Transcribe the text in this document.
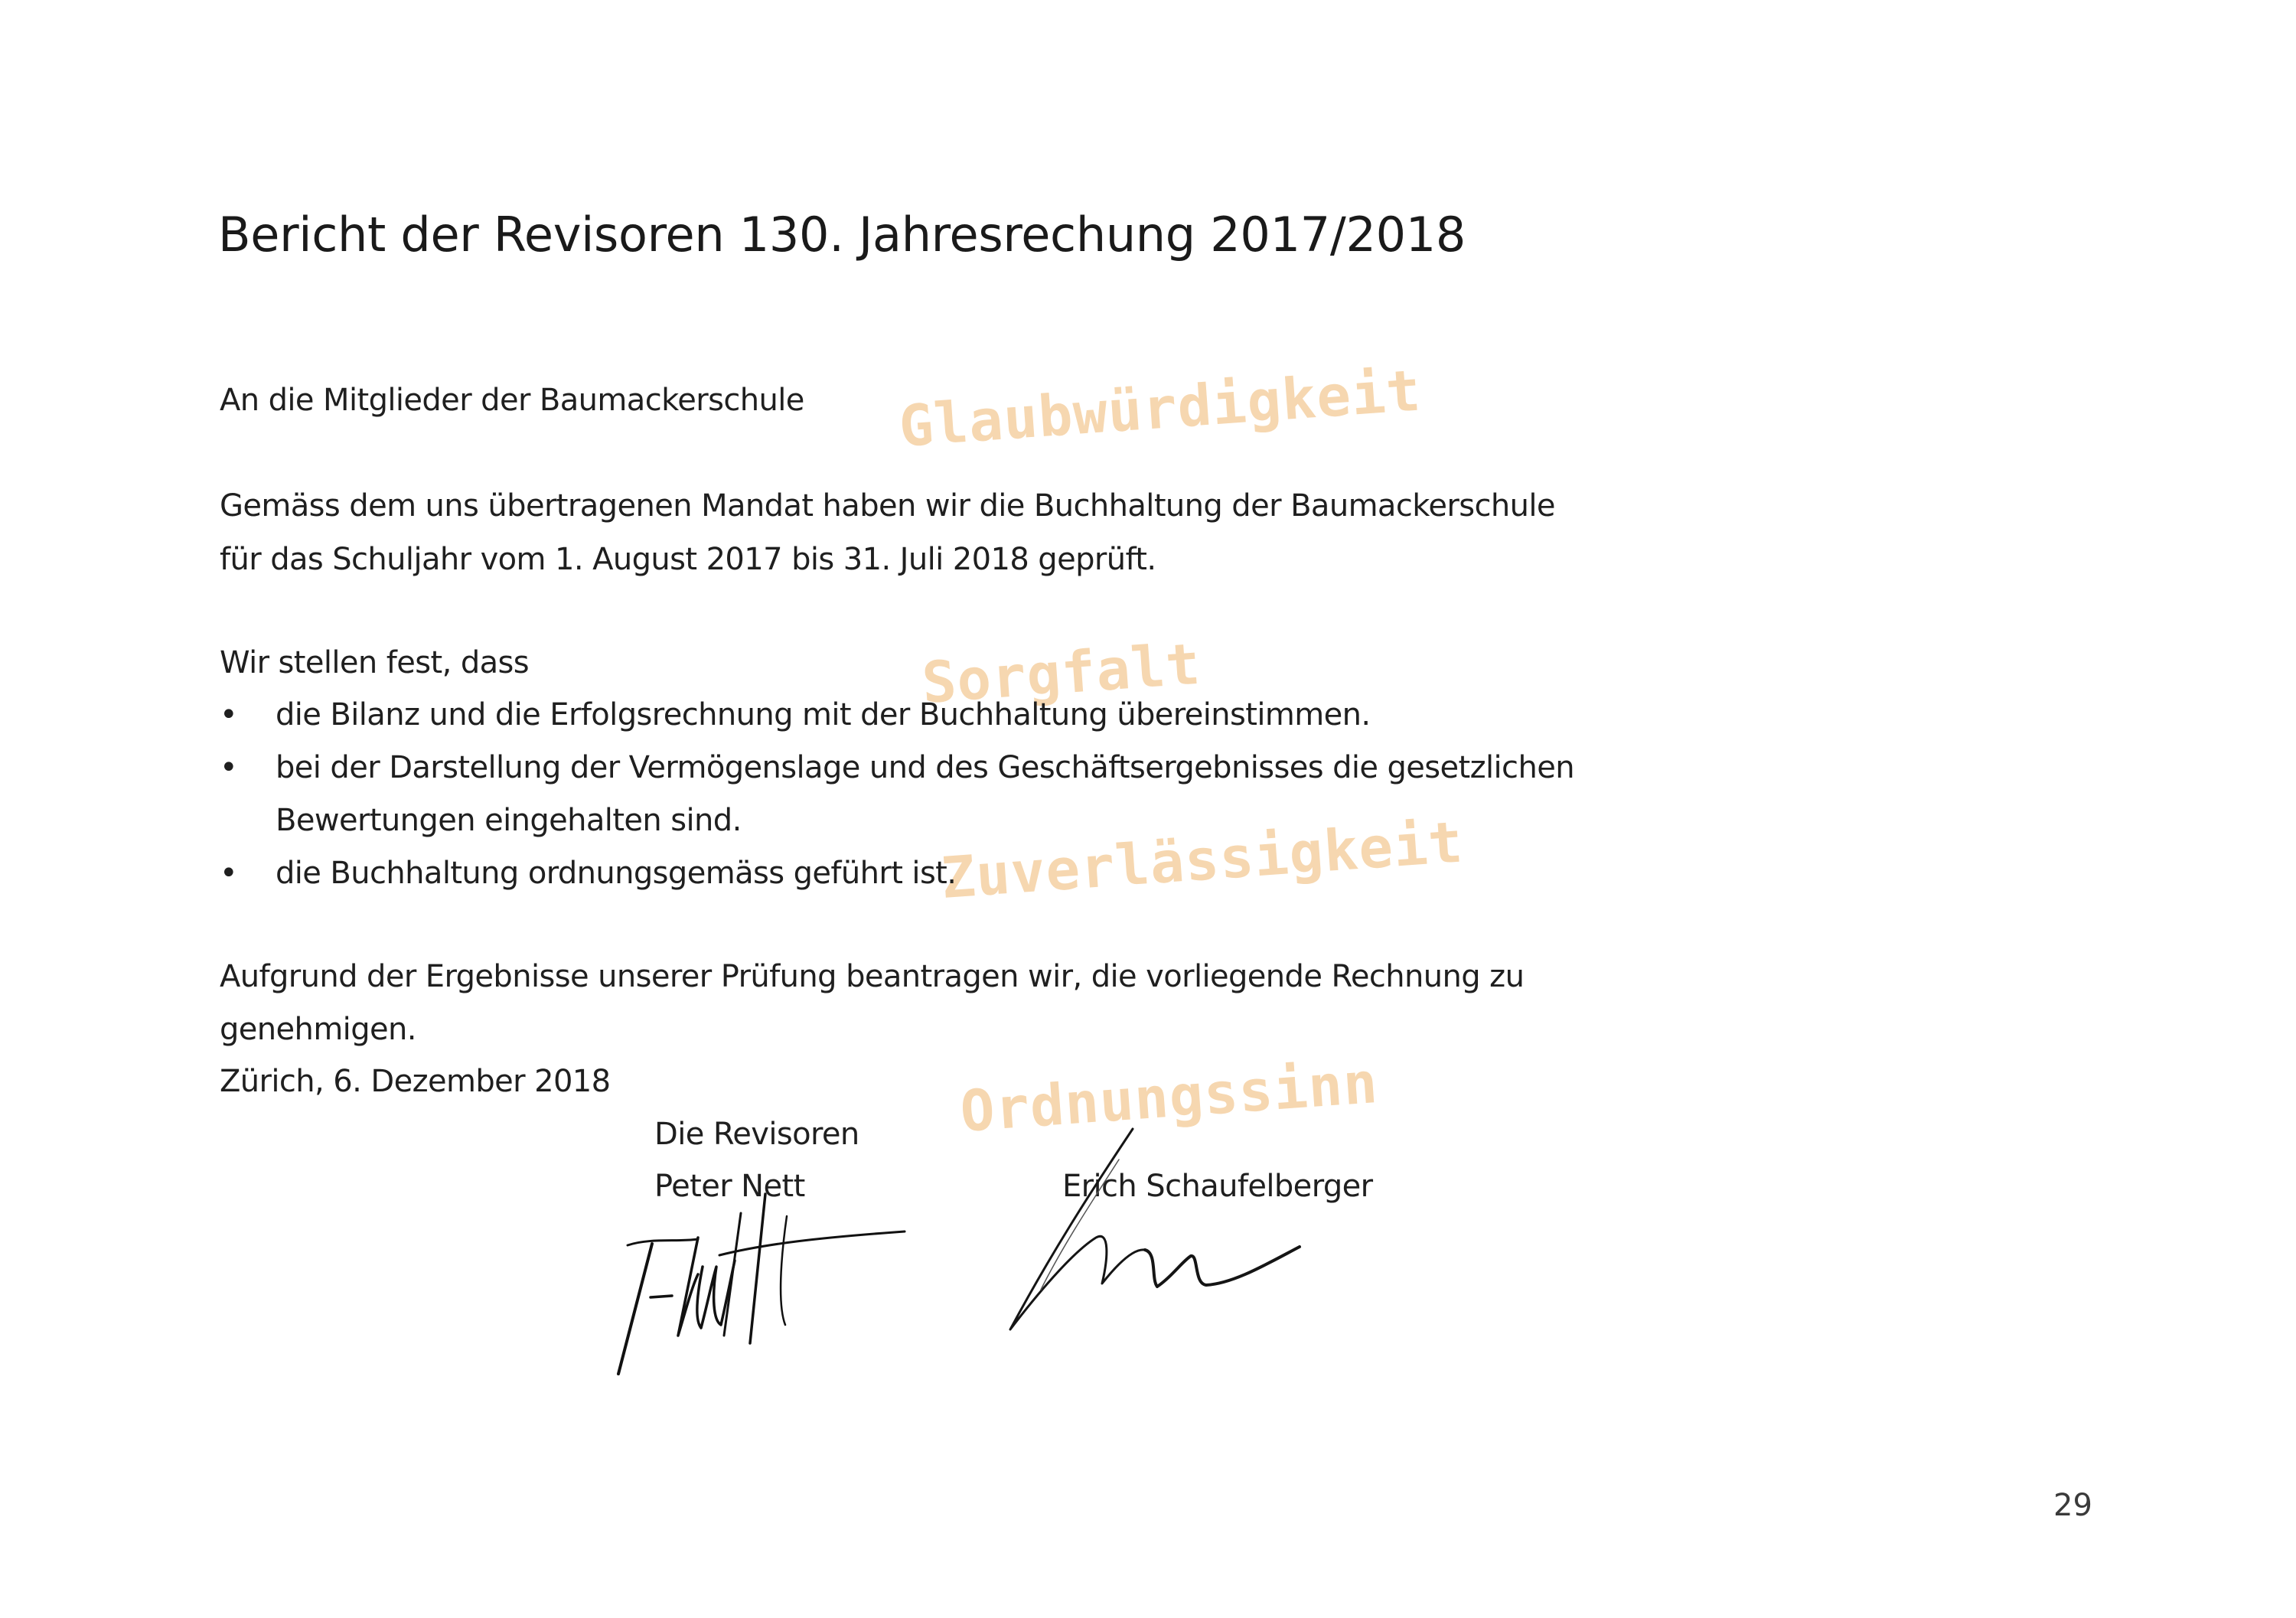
Glaubwürdigkeit
Sorgfalt
Zuverlässigkeit
Ordnungssinn
Bericht der Revisoren 130. Jahresrechung 2017/2018
An die Mitglieder der Baumackerschule
Gemäss dem uns übertragenen Mandat haben wir die Buchhaltung der Baumackerschule
für das Schuljahr vom 1. August 2017 bis 31. Juli 2018 geprüft.
Wir stellen fest, dass
• die Bilanz und die Erfolgsrechnung mit der Buchhaltung übereinstimmen.
• bei der Darstellung der Vermögenslage und des Geschäftsergebnisses die gesetzlichen
Bewertungen eingehalten sind.
• die Buchhaltung ordnungsgemäss geführt ist.
Aufgrund der Ergebnisse unserer Prüfung beantragen wir, die vorliegende Rechnung zu
genehmigen.
Zürich, 6. Dezember 2018
Die Revisoren
Peter Nett	Erich Schaufelberger
29
